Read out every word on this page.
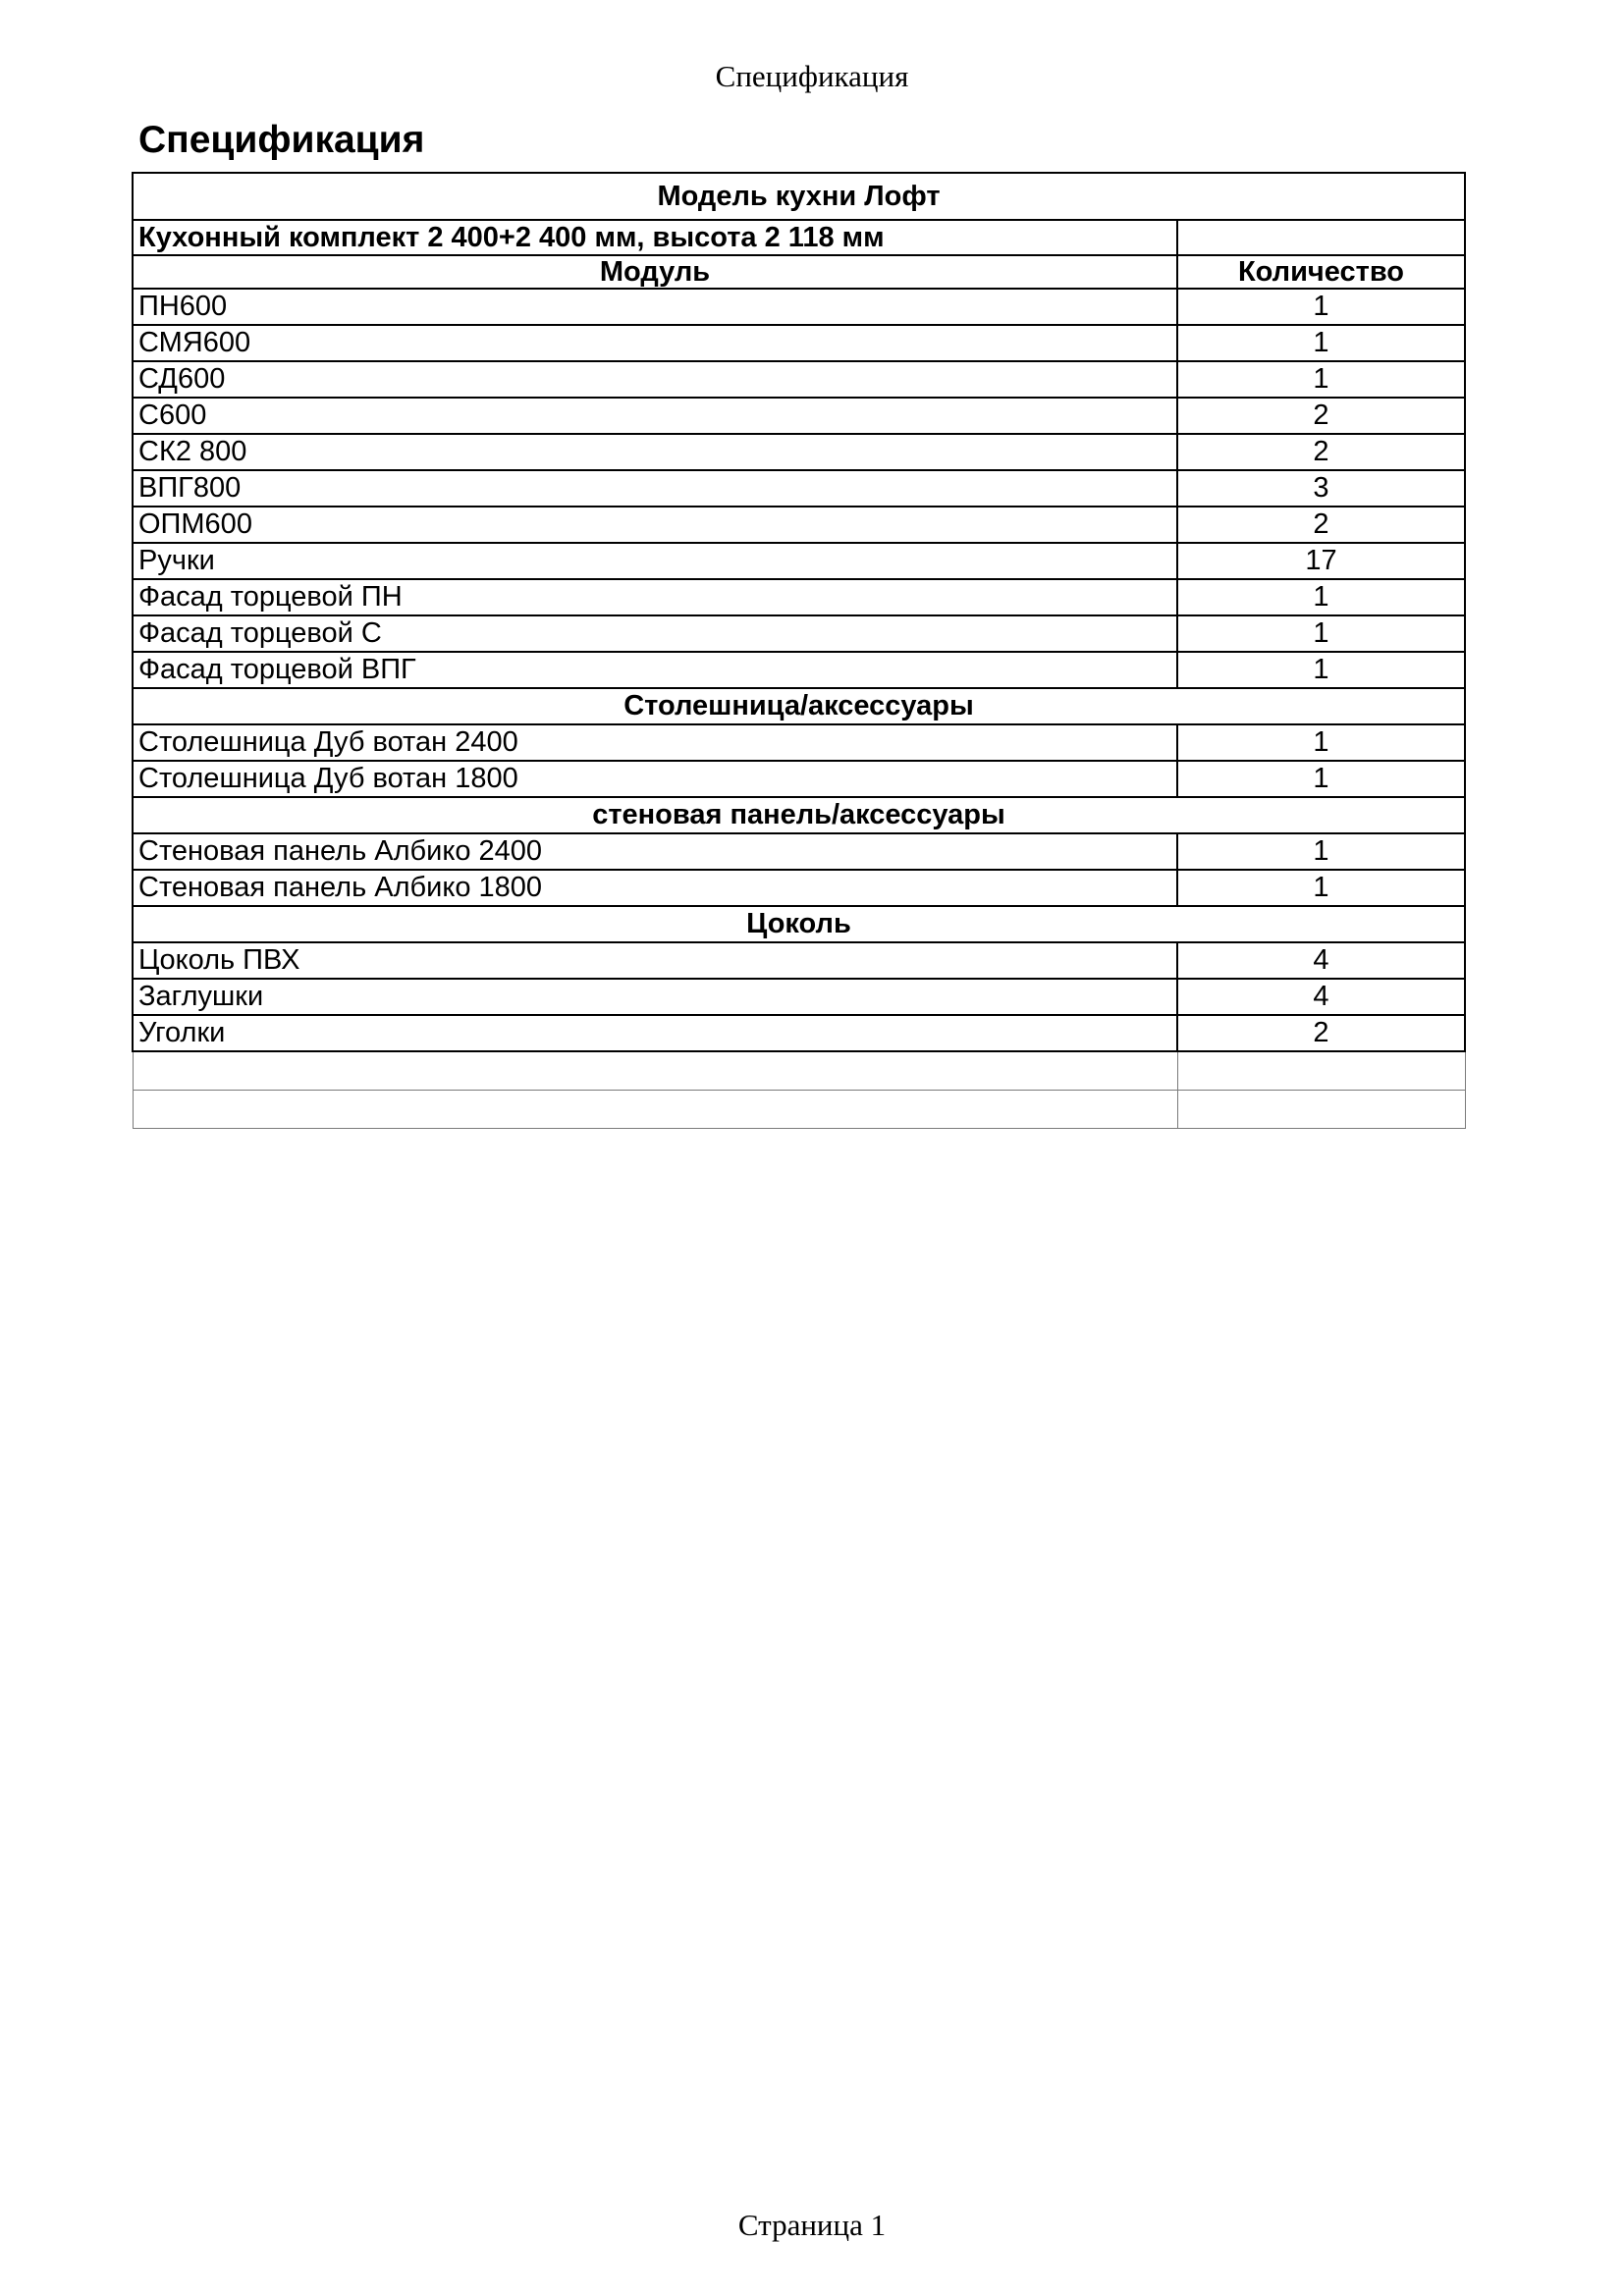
Спецификация
Спецификация
Модель кухни Лофт	
Кухонный комплект 2 400+2 400 мм, высота 2 118 мм	
Модуль	Количество
ПН600	1
СМЯ600	1
СД600	1
С600	2
СК2 800	2
ВПГ800	3
ОПМ600	2
Ручки	17
Фасад торцевой ПН	1
Фасад торцевой С	1
Фасад торцевой ВПГ	1
Столешница/аксессуары	
Столешница Дуб вотан 2400	1
Столешница Дуб вотан 1800	1
стеновая панель/аксессуары	
Стеновая панель Албико 2400	1
Стеновая панель Албико 1800	1
Цоколь	
Цоколь ПВХ	4
Заглушки	4
Уголки	2

Страница 1
